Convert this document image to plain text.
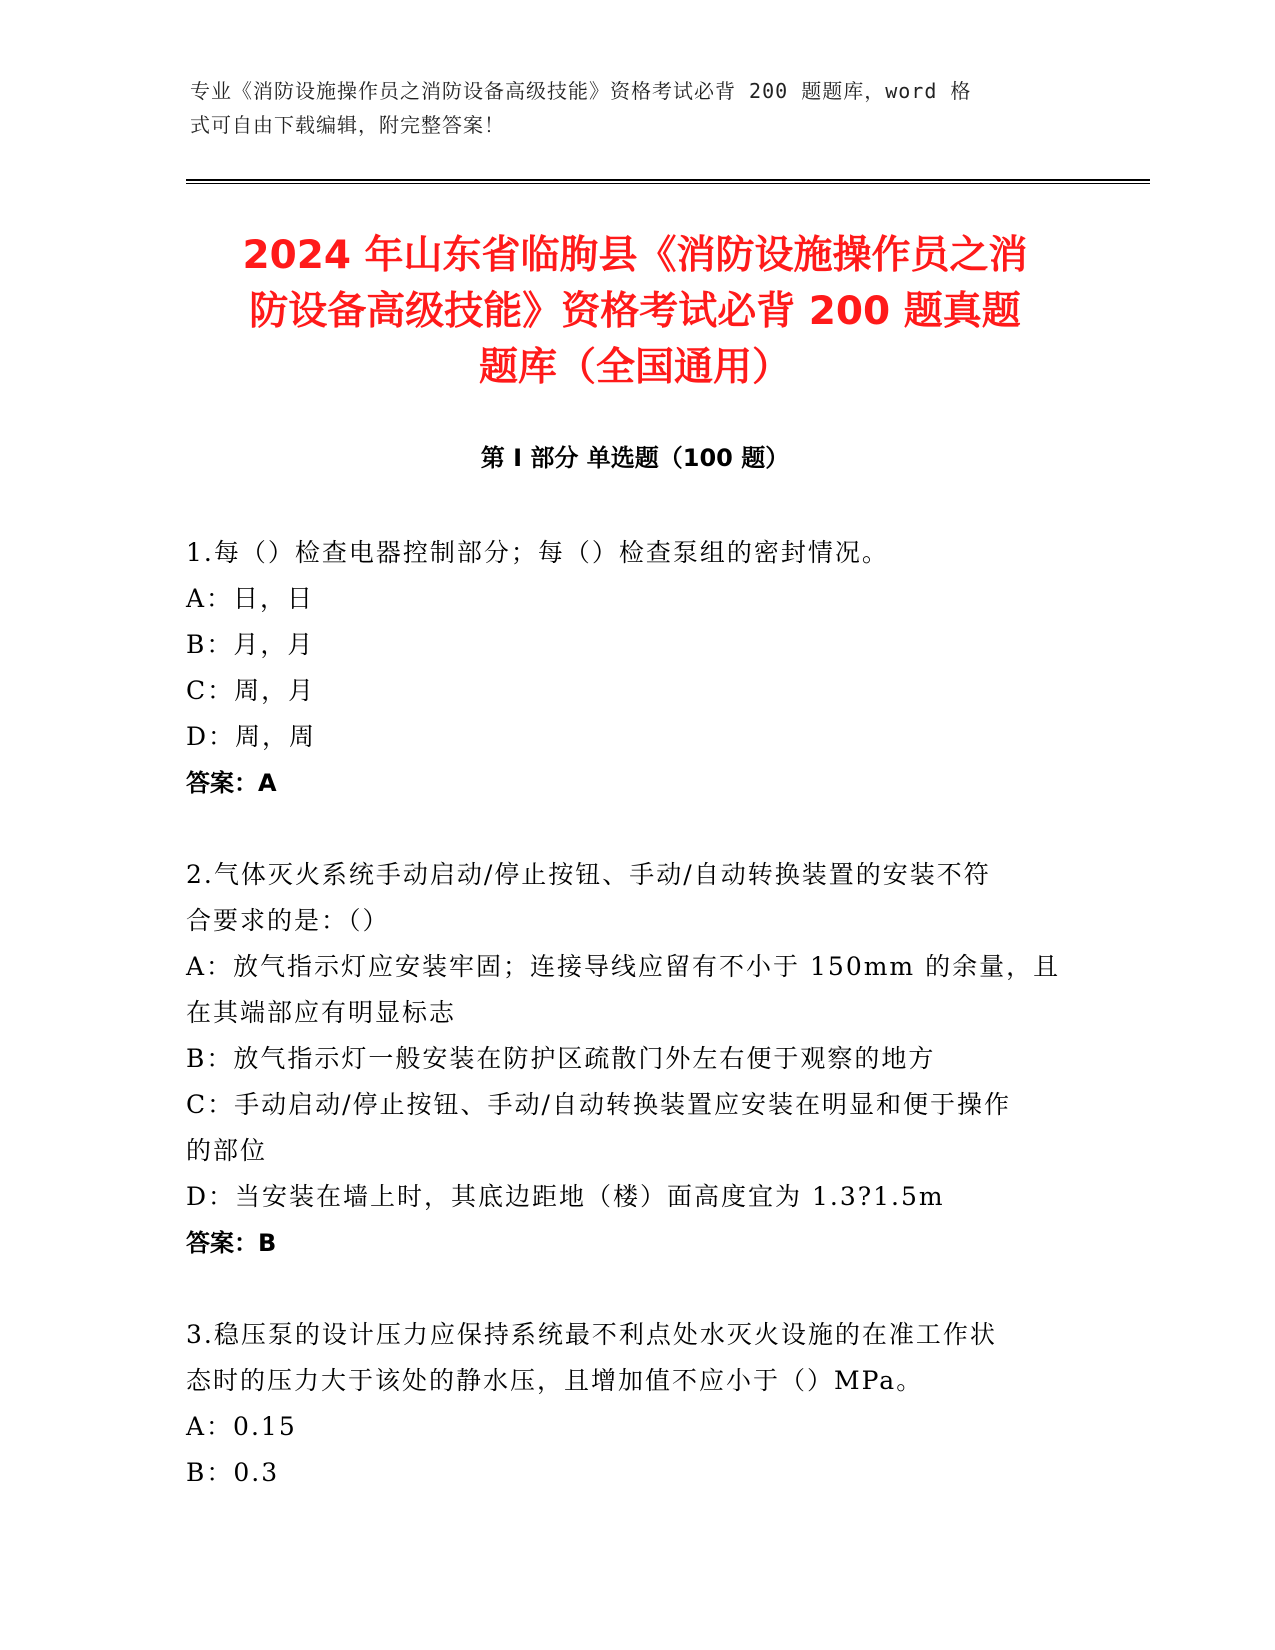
专业《消防设施操作员之消防设备高级技能》资格考试必背 200 题题库，word 格
式可自由下载编辑，附完整答案！
2024 年山东省临朐县《消防设施操作员之消
防设备高级技能》资格考试必背 200 题真题
题库（全国通用）
第 I 部分 单选题（100 题）
1.每（）检查电器控制部分；每（）检查泵组的密封情况。
A：日，日
B：月，月
C：周，月
D：周，周
答案：A
2.气体灭火系统手动启动/停止按钮、手动/自动转换装置的安装不符
合要求的是：（）
A：放气指示灯应安装牢固；连接导线应留有不小于 150mm 的余量，且
在其端部应有明显标志
B：放气指示灯一般安装在防护区疏散门外左右便于观察的地方
C：手动启动/停止按钮、手动/自动转换装置应安装在明显和便于操作
的部位
D：当安装在墙上时，其底边距地（楼）面高度宜为 1.3?1.5m
答案：B
3.稳压泵的设计压力应保持系统最不利点处水灭火设施的在准工作状
态时的压力大于该处的静水压，且增加值不应小于（）MPa。
A：0.15
B：0.3
